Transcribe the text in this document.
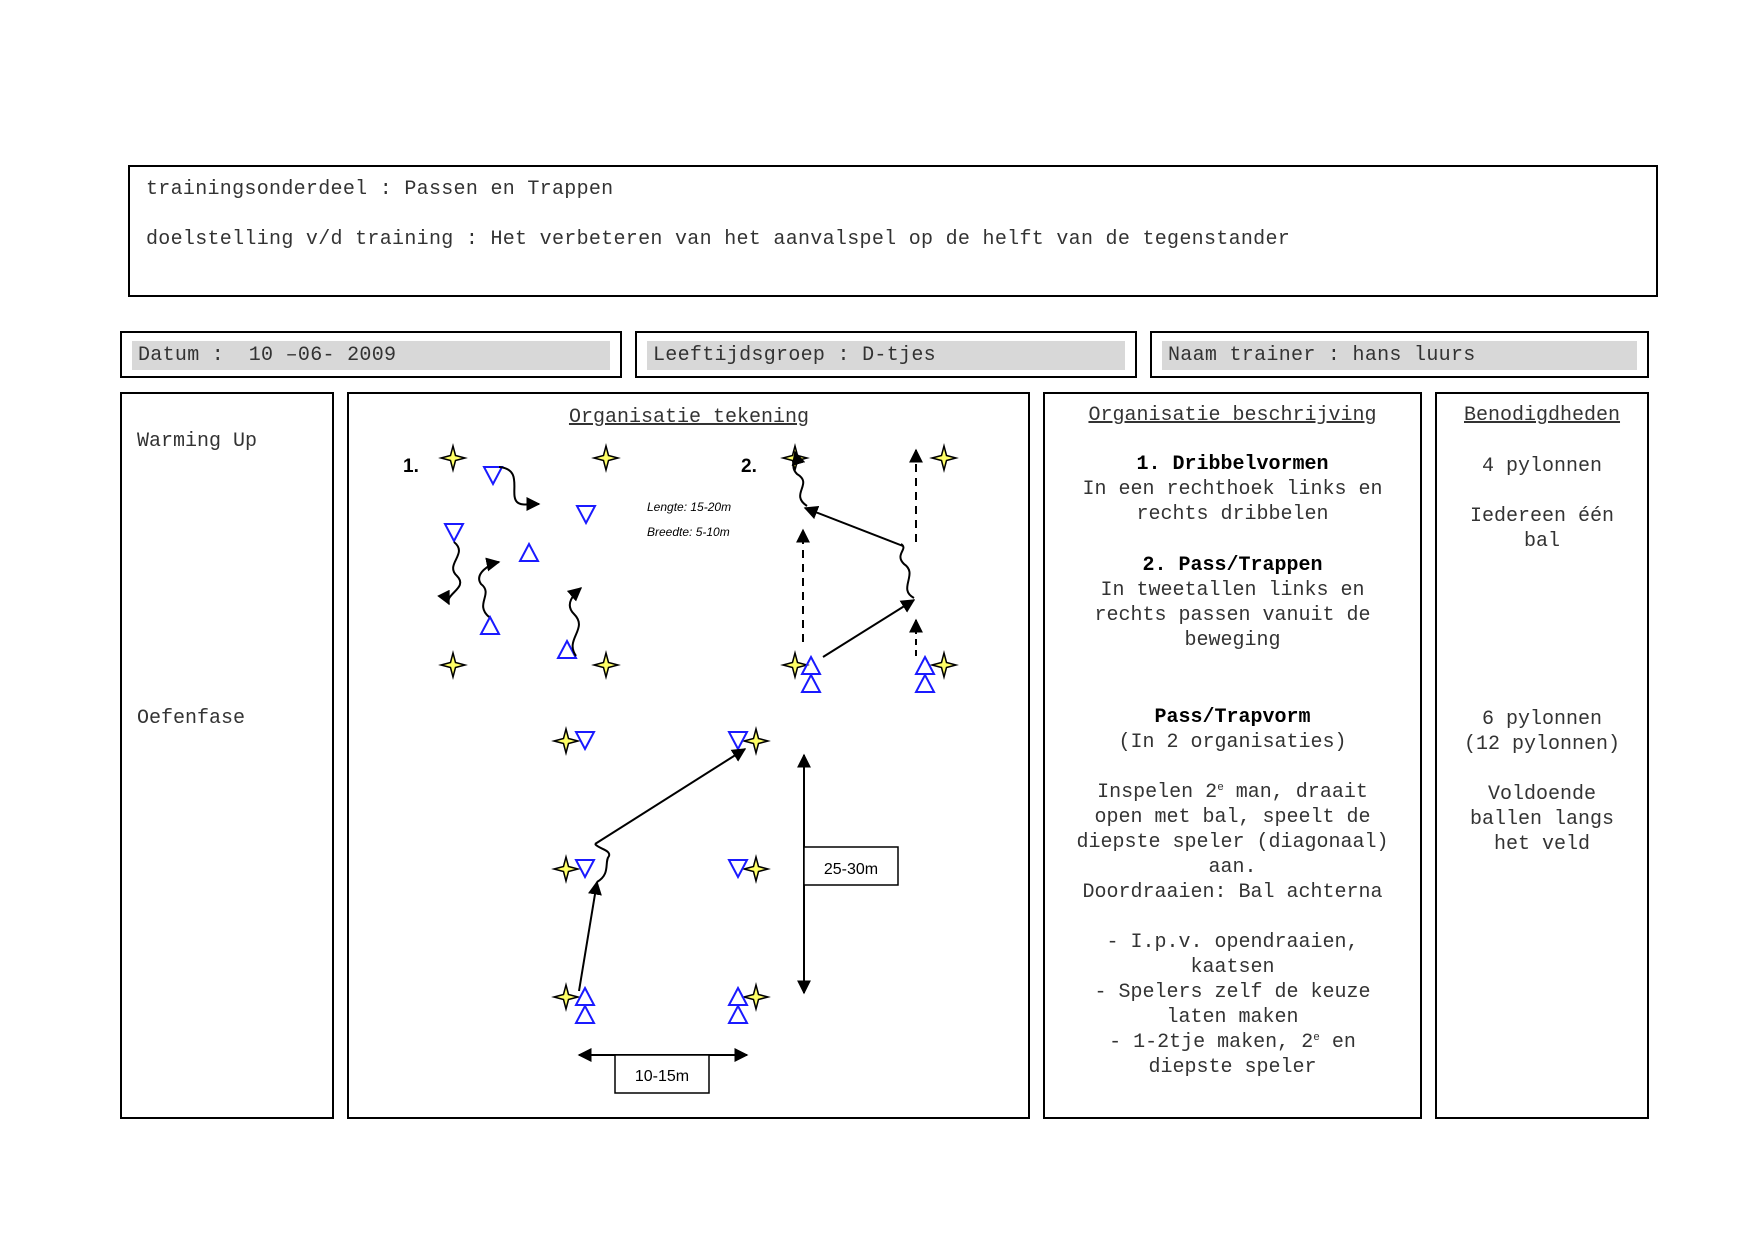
trainingsonderdeel : Passen en Trappen
doelstelling v/d training : Het verbeteren van het aanvalspel op de helft van de tegenstander
Datum :  10 –06- 2009	Leeftijdsgroep : D-tjes	Naam trainer : hans luurs
Warming Up
Oefenfase
Organisatie tekening
1.
Lengte: 15-20m
Breedte: 5-10m
2.
25-30m
10-15m
Organisatie beschrijving
1. Dribbelvormen
In een rechthoek links en
rechts dribbelen
2. Pass/Trappen
In tweetallen links en
rechts passen vanuit de
beweging
Pass/Trapvorm
(In 2 organisaties)
Inspelen 2e man, draait
open met bal, speelt de
diepste speler (diagonaal)
aan.
Doordraaien: Bal achterna
- I.p.v. opendraaien,
kaatsen
- Spelers zelf de keuze
laten maken
- 1-2tje maken, 2e en
diepste speler
Benodigdheden
4 pylonnen
Iedereen één
bal
6 pylonnen
(12 pylonnen)
Voldoende
ballen langs
het veld
